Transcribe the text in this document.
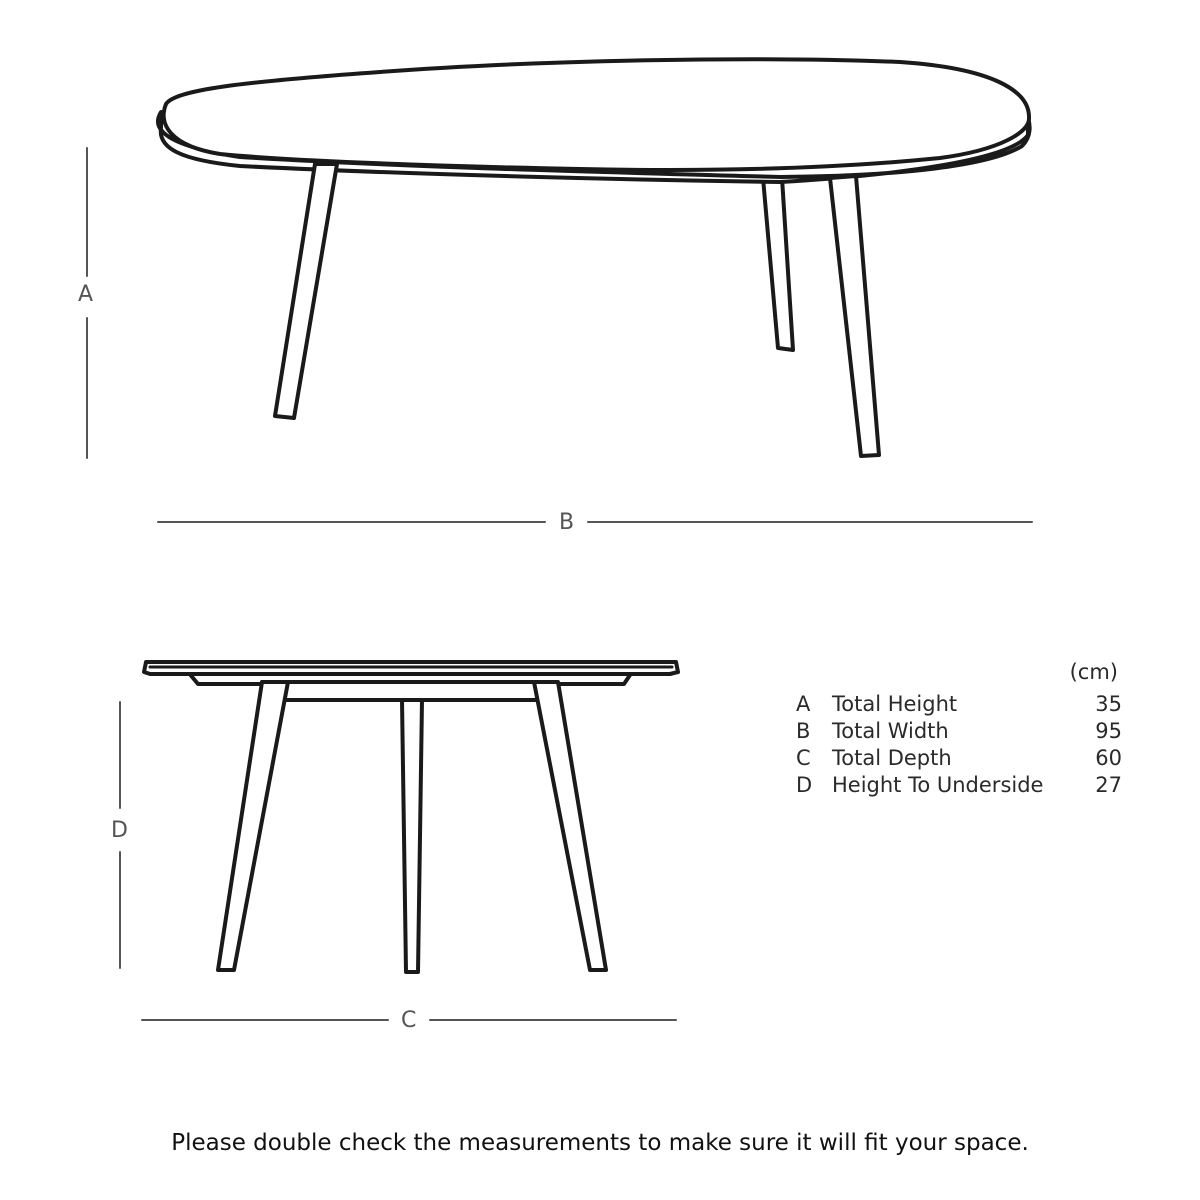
A
B
D
C
(cm)
A	Total Height	35
B	Total Width	95
C	Total Depth	60
D Height To Underside	27
Please double check the measurements to make sure it will fit your space.
